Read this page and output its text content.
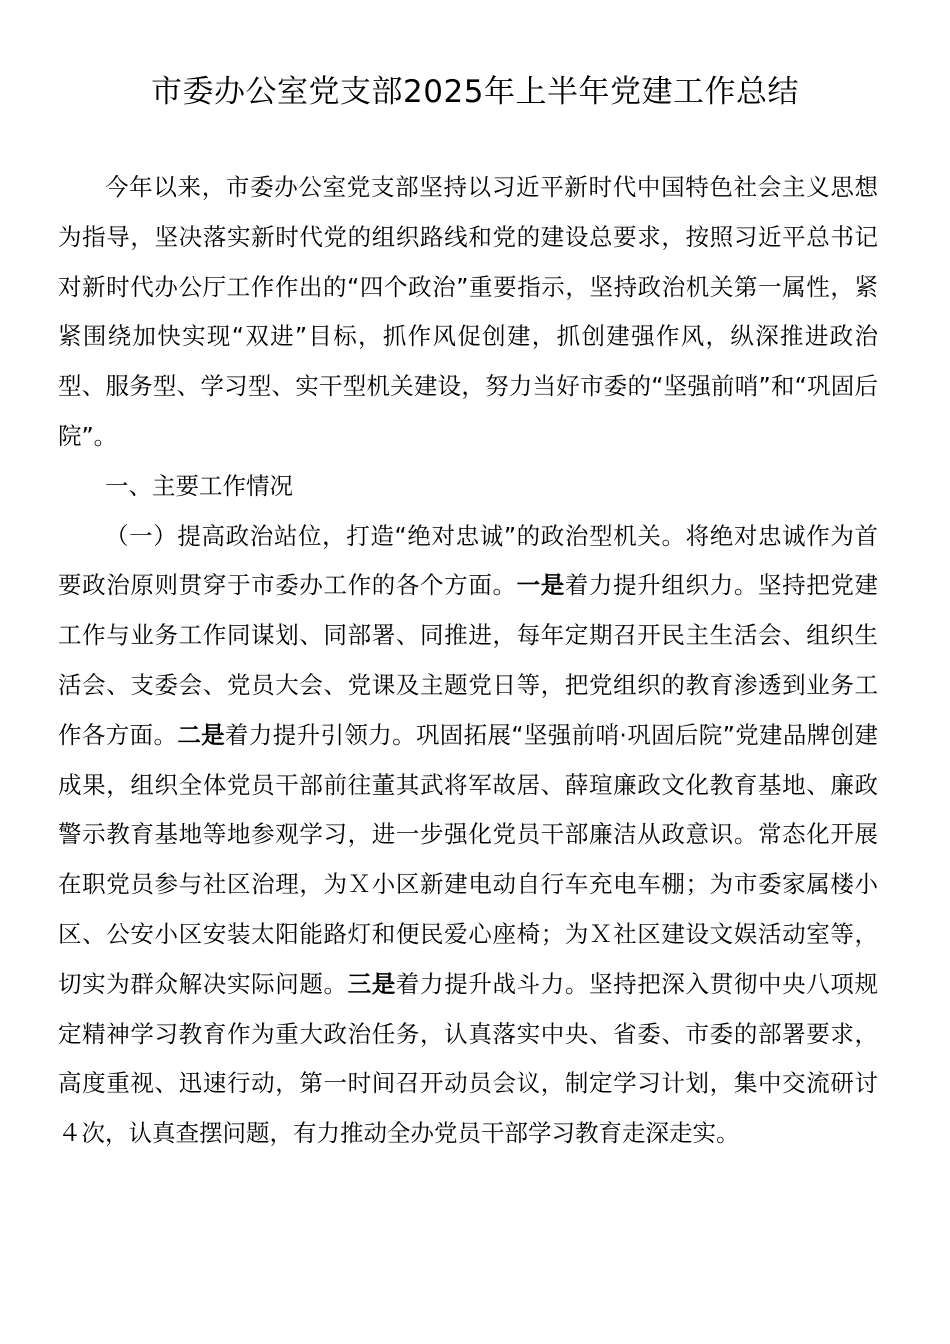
市委办公室党支部2025年上半年党建工作总结

今年以来，市委办公室党支部坚持以习近平新时代中国特色社会主义思想为指导，坚决落实新时代党的组织路线和党的建设总要求，按照习近平总书记对新时代办公厅工作作出的“四个政治”重要指示，坚持政治机关第一属性，紧紧围绕加快实现“双进”目标，抓作风促创建，抓创建强作风，纵深推进政治型、服务型、学习型、实干型机关建设，努力当好市委的“坚强前哨”和“巩固后院”。

一、主要工作情况

（一）提高政治站位，打造“绝对忠诚”的政治型机关。将绝对忠诚作为首要政治原则贯穿于市委办工作的各个方面。一是着力提升组织力。坚持把党建工作与业务工作同谋划、同部署、同推进，每年定期召开民主生活会、组织生活会、支委会、党员大会、党课及主题党日等，把党组织的教育渗透到业务工作各方面。二是着力提升引领力。巩固拓展“坚强前哨·巩固后院”党建品牌创建成果，组织全体党员干部前往董其武将军故居、薛瑄廉政文化教育基地、廉政警示教育基地等地参观学习，进一步强化党员干部廉洁从政意识。常态化开展在职党员参与社区治理，为Ｘ小区新建电动自行车充电车棚；为市委家属楼小区、公安小区安装太阳能路灯和便民爱心座椅；为Ｘ社区建设文娱活动室等，切实为群众解决实际问题。三是着力提升战斗力。坚持把深入贯彻中央八项规定精神学习教育作为重大政治任务，认真落实中央、省委、市委的部署要求，高度重视、迅速行动，第一时间召开动员会议，制定学习计划，集中交流研讨４次，认真查摆问题，有力推动全办党员干部学习教育走深走实。
